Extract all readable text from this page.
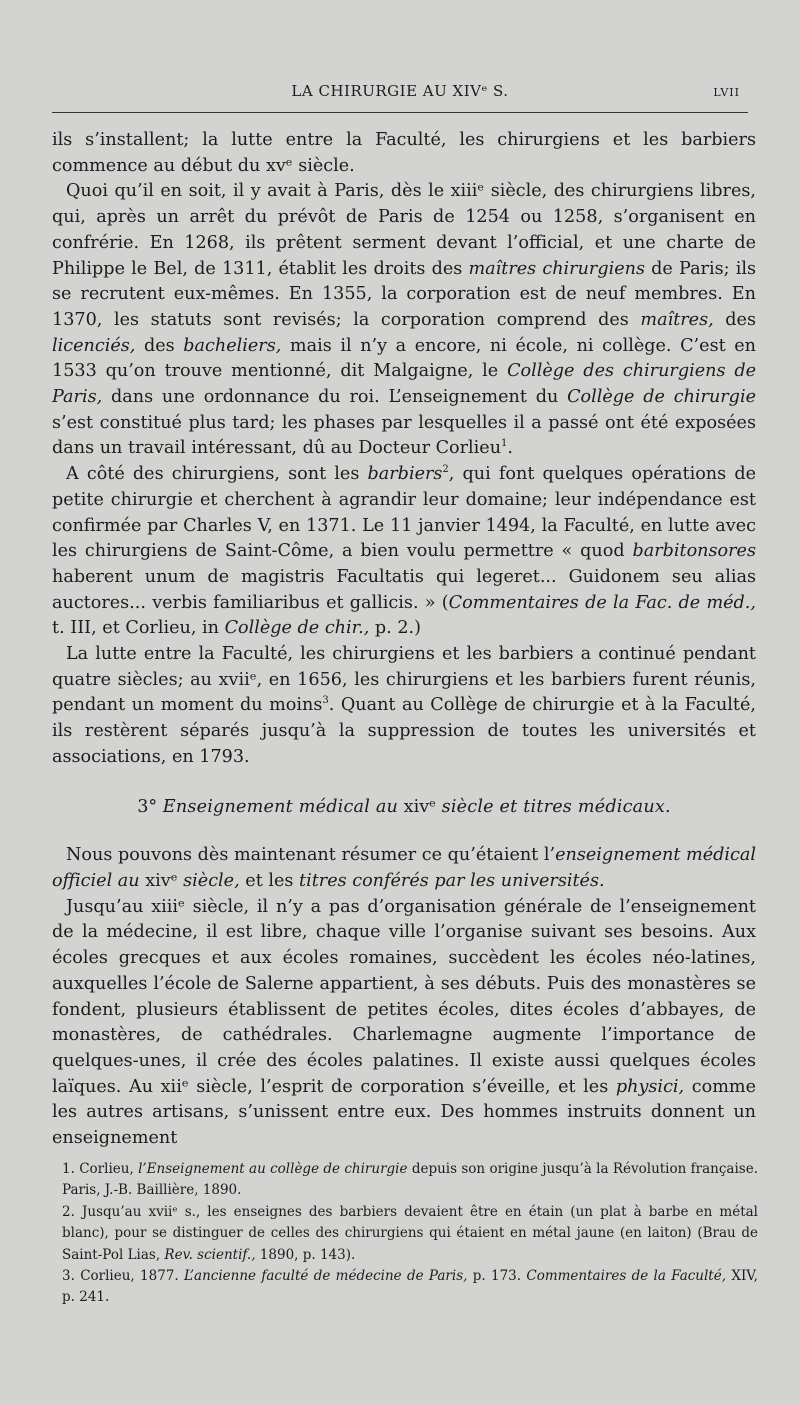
LA CHIRURGIE AU XIVᵉ S.	LVII

ils s’installent; la lutte entre la Faculté, les chirurgiens et les barbiers commence au début du xvᵉ siècle.

Quoi qu’il en soit, il y avait à Paris, dès le xiiiᵉ siècle, des chirurgiens libres, qui, après un arrêt du prévôt de Paris de 1254 ou 1258, s’organisent en confrérie. En 1268, ils prêtent serment devant l’official, et une charte de Philippe le Bel, de 1311, établit les droits des maîtres chirurgiens de Paris; ils se recrutent eux-mêmes. En 1355, la corporation est de neuf membres. En 1370, les statuts sont revisés; la corporation comprend des maîtres, des licenciés, des bacheliers, mais il n’y a encore, ni école, ni collège. C’est en 1533 qu’on trouve mentionné, dit Malgaigne, le Collège des chirurgiens de Paris, dans une ordonnance du roi. L’enseignement du Collège de chirurgie s’est constitué plus tard; les phases par lesquelles il a passé ont été exposées dans un travail intéressant, dû au Docteur Corlieu$^1$.

A côté des chirurgiens, sont les barbiers$^2$, qui font quelques opérations de petite chirurgie et cherchent à agrandir leur domaine; leur indépendance est confirmée par Charles V, en 1371. Le 11 janvier 1494, la Faculté, en lutte avec les chirurgiens de Saint-Côme, a bien voulu permettre « quod barbitonsores haberent unum de magistris Facultatis qui legeret... Guidonem seu alias auctores... verbis familiaribus et gallicis. » (Commentaires de la Fac. de méd., t. III, et Corlieu, in Collège de chir., p. 2.)

La lutte entre la Faculté, les chirurgiens et les barbiers a continué pendant quatre siècles; au xviiᵉ, en 1656, les chirurgiens et les barbiers furent réunis, pendant un moment du moins$^3$. Quant au Collège de chirurgie et à la Faculté, ils restèrent séparés jusqu’à la suppression de toutes les universités et associations, en 1793.

3° Enseignement médical au xivᵉ siècle et titres médicaux.

Nous pouvons dès maintenant résumer ce qu’étaient l’enseignement médical officiel au xivᵉ siècle, et les titres conférés par les universités.

Jusqu’au xiiiᵉ siècle, il n’y a pas d’organisation générale de l’enseignement de la médecine, il est libre, chaque ville l’organise suivant ses besoins. Aux écoles grecques et aux écoles romaines, succèdent les écoles néo-latines, auxquelles l’école de Salerne appartient, à ses débuts. Puis des monastères se fondent, plusieurs établissent de petites écoles, dites écoles d’abbayes, de monastères, de cathédrales. Charlemagne augmente l’importance de quelques-unes, il crée des écoles palatines. Il existe aussi quelques écoles laïques. Au xiiᵉ siècle, l’esprit de corporation s’éveille, et les physici, comme les autres artisans, s’unissent entre eux. Des hommes instruits donnent un enseignement

1. Corlieu, l’Enseignement au collège de chirurgie depuis son origine jusqu’à la Révolution française. Paris, J.-B. Baillière, 1890.

2. Jusqu’au xviiᵉ s., les enseignes des barbiers devaient être en étain (un plat à barbe en métal blanc), pour se distinguer de celles des chirurgiens qui étaient en métal jaune (en laiton) (Brau de Saint-Pol Lias, Rev. scientif., 1890, p. 143).

3. Corlieu, 1877. L’ancienne faculté de médecine de Paris, p. 173. Commentaires de la Faculté, XIV, p. 241.
